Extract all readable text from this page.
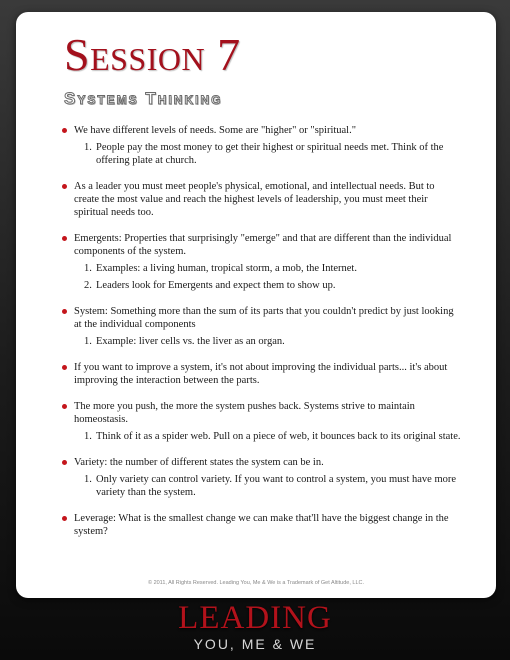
Session 7
Systems Thinking
We have different levels of needs. Some are "higher" or "spiritual."
1. People pay the most money to get their highest or spiritual needs met. Think of the offering plate at church.
As a leader you must meet people's physical, emotional, and intellectual needs. But to create the most value and reach the highest levels of leadership, you must meet their spiritual needs too.
Emergents: Properties that surprisingly "emerge" and that are different than the individual components of the system.
1. Examples: a living human, tropical storm, a mob, the Internet.
2. Leaders look for Emergents and expect them to show up.
System: Something more than the sum of its parts that you couldn't predict by just looking at the individual components
1. Example: liver cells vs. the liver as an organ.
If you want to improve a system, it's not about improving the individual parts... it's about improving the interaction between the parts.
The more you push, the more the system pushes back. Systems strive to maintain homeostasis.
1. Think of it as a spider web. Pull on a piece of web, it bounces back to its original state.
Variety: the number of different states the system can be in.
1. Only variety can control variety. If you want to control a system, you must have more variety than the system.
Leverage: What is the smallest change we can make that'll have the biggest change in the system?
© 2011, All Rights Reserved. Leading You, Me & We is a Trademark of Get Altitude, LLC.
LEADING
YOU, ME & WE
